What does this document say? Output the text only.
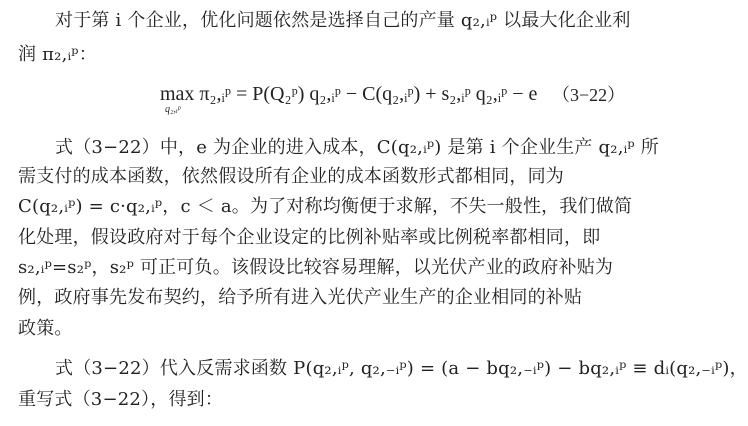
对于第 i 个企业，优化问题依然是选择自己的产量 q₂,ᵢᵖ 以最大化企业利
润 π₂,ᵢᵖ：
max π₂,ᵢᵖ = P(Q₂ᵖ) q₂,ᵢᵖ − C(q₂,ᵢᵖ) + s₂,ᵢᵖ q₂,ᵢᵖ − e
q₂,ᵢᵖ
（3−22）
式（3−22）中，e 为企业的进入成本，C(q₂,ᵢᵖ) 是第 i 个企业生产 q₂,ᵢᵖ 所
需支付的成本函数，依然假设所有企业的成本函数形式都相同，同为
C(q₂,ᵢᵖ) = c·q₂,ᵢᵖ，c ＜ a。为了对称均衡便于求解，不失一般性，我们做简
化处理，假设政府对于每个企业设定的比例补贴率或比例税率都相同，即
s₂,ᵢᵖ=s₂ᵖ，s₂ᵖ 可正可负。该假设比较容易理解，以光伏产业的政府补贴为
例，政府事先发布契约，给予所有进入光伏产业生产的企业相同的补贴
政策。
式（3−22）代入反需求函数 P(q₂,ᵢᵖ, q₂,₋ᵢᵖ) = (a − bq₂,₋ᵢᵖ) − bq₂,ᵢᵖ ≡ dᵢ(q₂,₋ᵢᵖ)，
重写式（3−22），得到：
